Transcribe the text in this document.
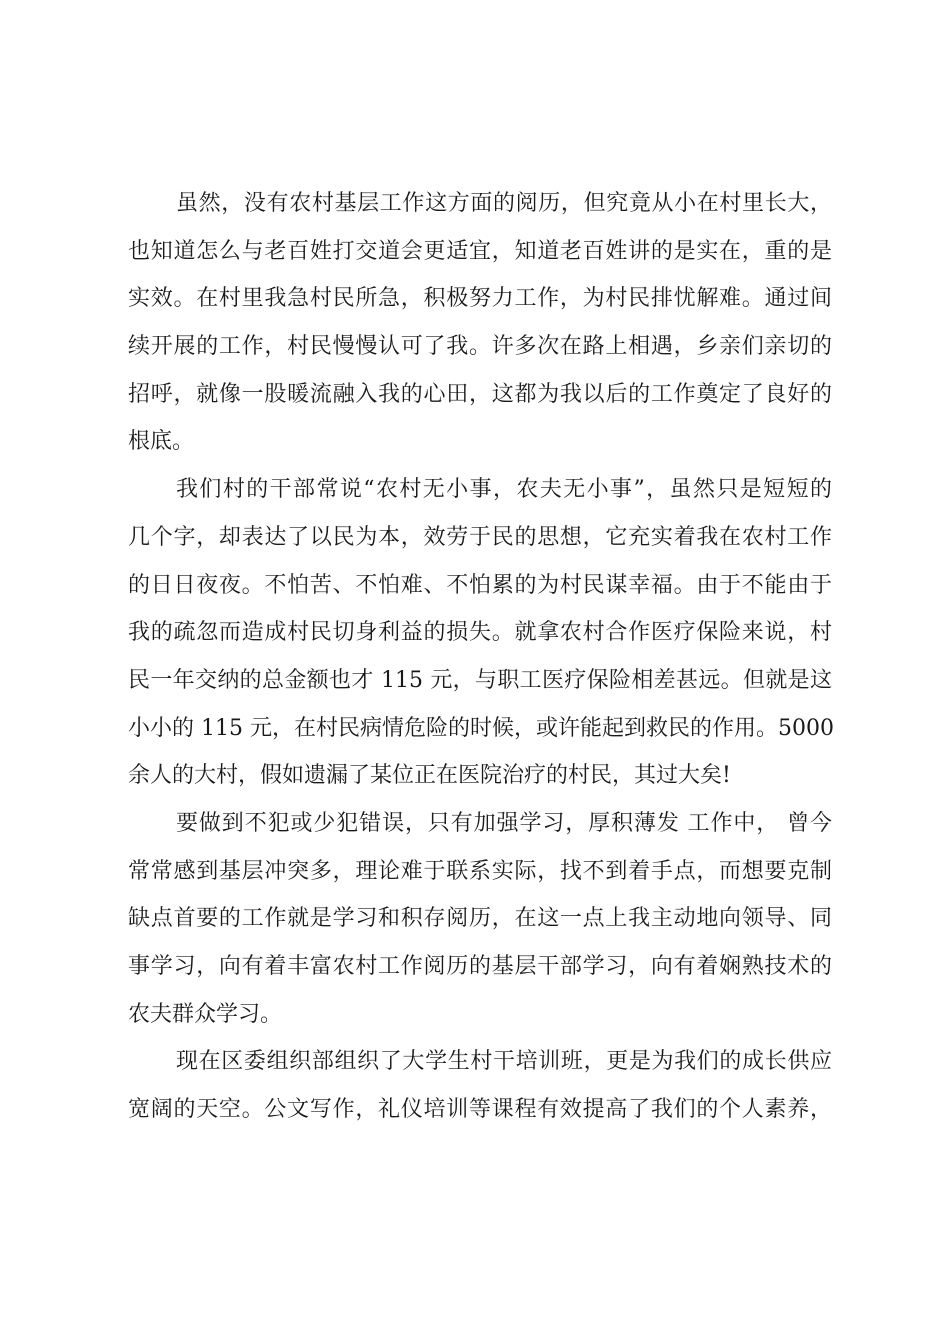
虽然，没有农村基层工作这方面的阅历，但究竟从小在村里长大，
也知道怎么与老百姓打交道会更适宜，知道老百姓讲的是实在，重的是
实效。在村里我急村民所急，积极努力工作，为村民排忧解难。通过间
续开展的工作，村民慢慢认可了我。许多次在路上相遇，乡亲们亲切的
招呼，就像一股暖流融入我的心田，这都为我以后的工作奠定了良好的
根底。
我们村的干部常说“农村无小事，农夫无小事”，虽然只是短短的
几个字，却表达了以民为本，效劳于民的思想，它充实着我在农村工作
的日日夜夜。不怕苦、不怕难、不怕累的为村民谋幸福。由于不能由于
我的疏忽而造成村民切身利益的损失。就拿农村合作医疗保险来说，村
民一年交纳的总金额也才 115 元，与职工医疗保险相差甚远。但就是这
小小的 115 元，在村民病情危险的时候，或许能起到救民的作用。5000
余人的大村，假如遗漏了某位正在医院治疗的村民，其过大矣!
要做到不犯或少犯错误，只有加强学习，厚积薄发 工作中， 曾今
常常感到基层冲突多，理论难于联系实际，找不到着手点，而想要克制
缺点首要的工作就是学习和积存阅历，在这一点上我主动地向领导、同
事学习，向有着丰富农村工作阅历的基层干部学习，向有着娴熟技术的
农夫群众学习。
现在区委组织部组织了大学生村干培训班，更是为我们的成长供应
宽阔的天空。公文写作，礼仪培训等课程有效提高了我们的个人素养，
